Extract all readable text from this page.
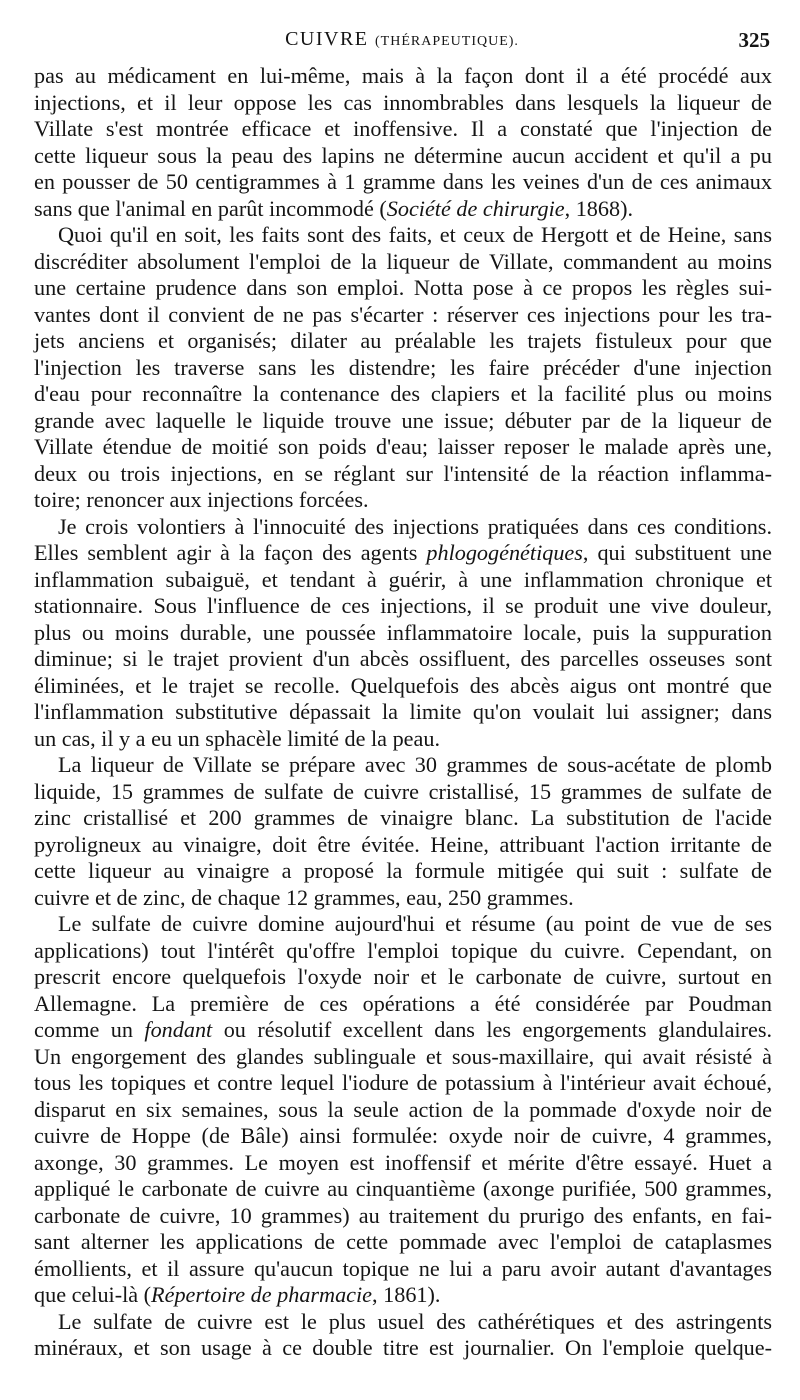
CUIVRE (THÉRAPEUTIQUE).	325
pas au médicament en lui-même, mais à la façon dont il a été procédé aux
injections, et il leur oppose les cas innombrables dans lesquels la liqueur de
Villate s'est montrée efficace et inoffensive. Il a constaté que l'injection de
cette liqueur sous la peau des lapins ne détermine aucun accident et qu'il a pu
en pousser de 50 centigrammes à 1 gramme dans les veines d'un de ces animaux
sans que l'animal en parût incommodé (Société de chirurgie, 1868).
Quoi qu'il en soit, les faits sont des faits, et ceux de Hergott et de Heine, sans
discréditer absolument l'emploi de la liqueur de Villate, commandent au moins
une certaine prudence dans son emploi. Notta pose à ce propos les règles sui-
vantes dont il convient de ne pas s'écarter : réserver ces injections pour les tra-
jets anciens et organisés; dilater au préalable les trajets fistuleux pour que
l'injection les traverse sans les distendre; les faire précéder d'une injection
d'eau pour reconnaître la contenance des clapiers et la facilité plus ou moins
grande avec laquelle le liquide trouve une issue; débuter par de la liqueur de
Villate étendue de moitié son poids d'eau; laisser reposer le malade après une,
deux ou trois injections, en se réglant sur l'intensité de la réaction inflamma-
toire; renoncer aux injections forcées.
Je crois volontiers à l'innocuité des injections pratiquées dans ces conditions.
Elles semblent agir à la façon des agents phlogogénétiques, qui substituent une
inflammation subaiguë, et tendant à guérir, à une inflammation chronique et
stationnaire. Sous l'influence de ces injections, il se produit une vive douleur,
plus ou moins durable, une poussée inflammatoire locale, puis la suppuration
diminue; si le trajet provient d'un abcès ossifluent, des parcelles osseuses sont
éliminées, et le trajet se recolle. Quelquefois des abcès aigus ont montré que
l'inflammation substitutive dépassait la limite qu'on voulait lui assigner; dans
un cas, il y a eu un sphacèle limité de la peau.
La liqueur de Villate se prépare avec 30 grammes de sous-acétate de plomb
liquide, 15 grammes de sulfate de cuivre cristallisé, 15 grammes de sulfate de
zinc cristallisé et 200 grammes de vinaigre blanc. La substitution de l'acide
pyroligneux au vinaigre, doit être évitée. Heine, attribuant l'action irritante de
cette liqueur au vinaigre a proposé la formule mitigée qui suit : sulfate de
cuivre et de zinc, de chaque 12 grammes, eau, 250 grammes.
Le sulfate de cuivre domine aujourd'hui et résume (au point de vue de ses
applications) tout l'intérêt qu'offre l'emploi topique du cuivre. Cependant, on
prescrit encore quelquefois l'oxyde noir et le carbonate de cuivre, surtout en
Allemagne. La première de ces opérations a été considérée par Poudman
comme un fondant ou résolutif excellent dans les engorgements glandulaires.
Un engorgement des glandes sublinguale et sous-maxillaire, qui avait résisté à
tous les topiques et contre lequel l'iodure de potassium à l'intérieur avait échoué,
disparut en six semaines, sous la seule action de la pommade d'oxyde noir de
cuivre de Hoppe (de Bâle) ainsi formulée: oxyde noir de cuivre, 4 grammes,
axonge, 30 grammes. Le moyen est inoffensif et mérite d'être essayé. Huet a
appliqué le carbonate de cuivre au cinquantième (axonge purifiée, 500 grammes,
carbonate de cuivre, 10 grammes) au traitement du prurigo des enfants, en fai-
sant alterner les applications de cette pommade avec l'emploi de cataplasmes
émollients, et il assure qu'aucun topique ne lui a paru avoir autant d'avantages
que celui-là (Répertoire de pharmacie, 1861).
Le sulfate de cuivre est le plus usuel des cathérétiques et des astringents
minéraux, et son usage à ce double titre est journalier. On l'emploie quelque-
